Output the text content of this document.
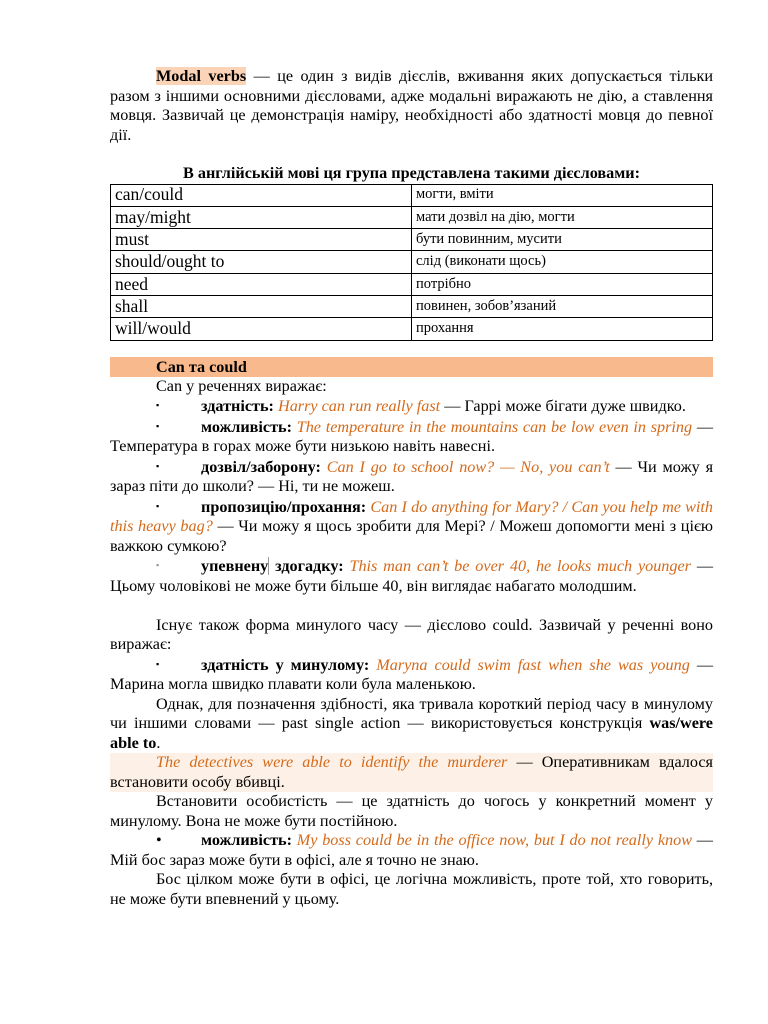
Modal verbs — це один з видів дієслів, вживання яких допускається тільки разом з іншими основними дієсловами, адже модальні виражають не дію, а ставлення мовця. Зазвичай це демонстрація наміру, необхідності або здатності мовця до певної дії.

В англійській мові ця група представлена такими дієсловами:

can/could	могти, вміти
may/might	мати дозвіл на дію, могти
must	бути повинним, мусити
should/ought to	слід (виконати щось)
need	потрібно
shall	повинен, зобов’язаний
will/would	прохання
Can та could

Can у реченнях виражає:

▪	здатність: Harry can run really fast — Гаррі може бігати дуже швидко.

▪	можливість: The temperature in the mountains can be low even in spring — Температура в горах може бути низькою навіть навесні.

▪	дозвіл/заборону: Can I go to school now? — No, you can’t — Чи можу я зараз піти до школи? — Ні, ти не можеш.

▪	пропозицію/прохання: Can I do anything for Mary? / Can you help me with this heavy bag? — Чи можу я щось зробити для Мері? / Можеш допомогти мені з цією важкою сумкою?

▪	упевнену здогадку: This man can’t be over 40, he looks much younger — Цьому чоловікові не може бути більше 40, він виглядає набагато молодшим.

Існує також форма минулого часу — дієслово could. Зазвичай у реченні воно виражає:

▪	здатність у минулому: Maryna could swim fast when she was young — Марина могла швидко плавати коли була маленькою.

Однак, для позначення здібності, яка тривала короткий період часу в минулому чи іншими словами — past single action — використовується конструкція was/were able to.

The detectives were able to identify the murderer — Оперативникам вдалося встановити особу вбивці.

Встановити особистість — це здатність до чогось у конкретний момент у минулому. Вона не може бути постійною.

• можливість: My boss could be in the office now, but I do not really know — Мій бос зараз може бути в офісі, але я точно не знаю.

Бос цілком може бути в офісі, це логічна можливість, проте той, хто говорить, не може бути впевнений у цьому.
